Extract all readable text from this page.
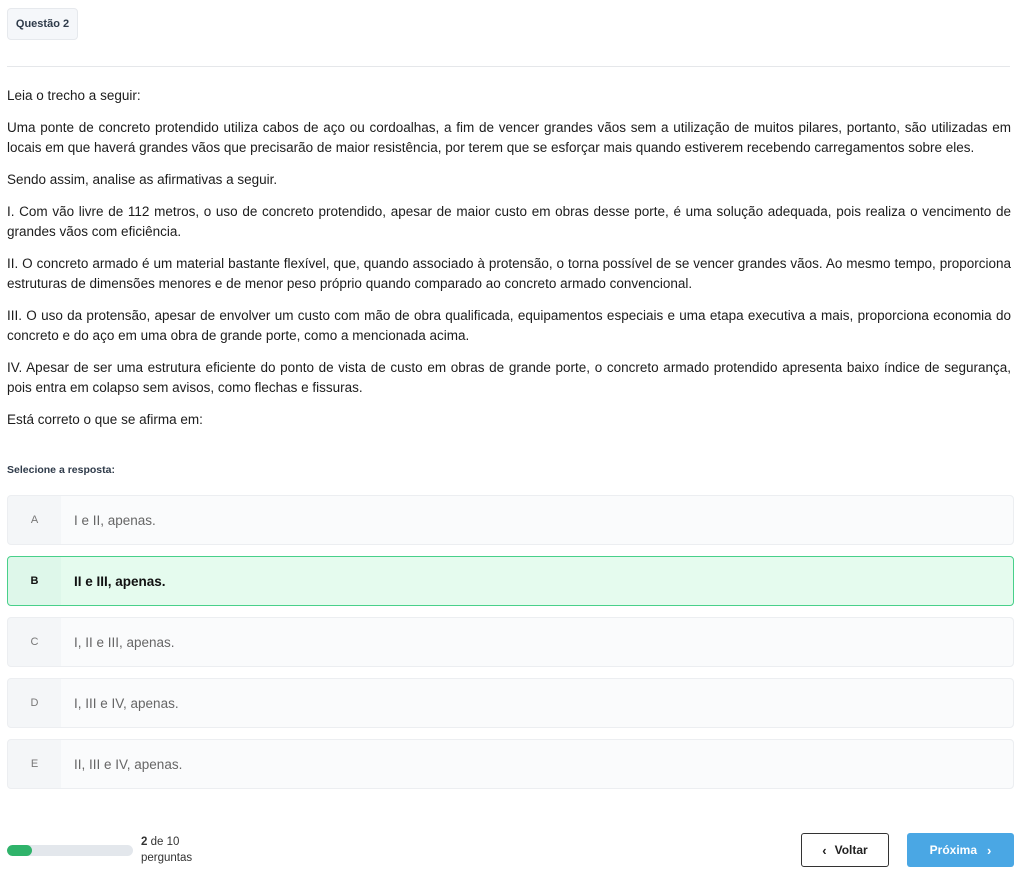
Questão 2

Leia o trecho a seguir:

Uma ponte de concreto protendido utiliza cabos de aço ou cordoalhas, a fim de vencer grandes vãos sem a utilização de muitos pilares, portanto, são utilizadas em locais em que haverá grandes vãos que precisarão de maior resistência, por terem que se esforçar mais quando estiverem recebendo carregamentos sobre eles.

Sendo assim, analise as afirmativas a seguir.

I. Com vão livre de 112 metros, o uso de concreto protendido, apesar de maior custo em obras desse porte, é uma solução adequada, pois realiza o vencimento de grandes vãos com eficiência.

II. O concreto armado é um material bastante flexível, que, quando associado à protensão, o torna possível de se vencer grandes vãos. Ao mesmo tempo, proporciona estruturas de dimensões menores e de menor peso próprio quando comparado ao concreto armado convencional.

III. O uso da protensão, apesar de envolver um custo com mão de obra qualificada, equipamentos especiais e uma etapa executiva a mais, proporciona economia do concreto e do aço em uma obra de grande porte, como a mencionada acima.

IV. Apesar de ser uma estrutura eficiente do ponto de vista de custo em obras de grande porte, o concreto armado protendido apresenta baixo índice de segurança, pois entra em colapso sem avisos, como flechas e fissuras.

Está correto o que se afirma em:

Selecione a resposta:
A	I e II, apenas.
B	II e III, apenas.
C	I, II e III, apenas.
D	I, III e IV, apenas.
E	II, III e IV, apenas.
2 de 10
perguntas
‹ Voltar	Próxima ›
